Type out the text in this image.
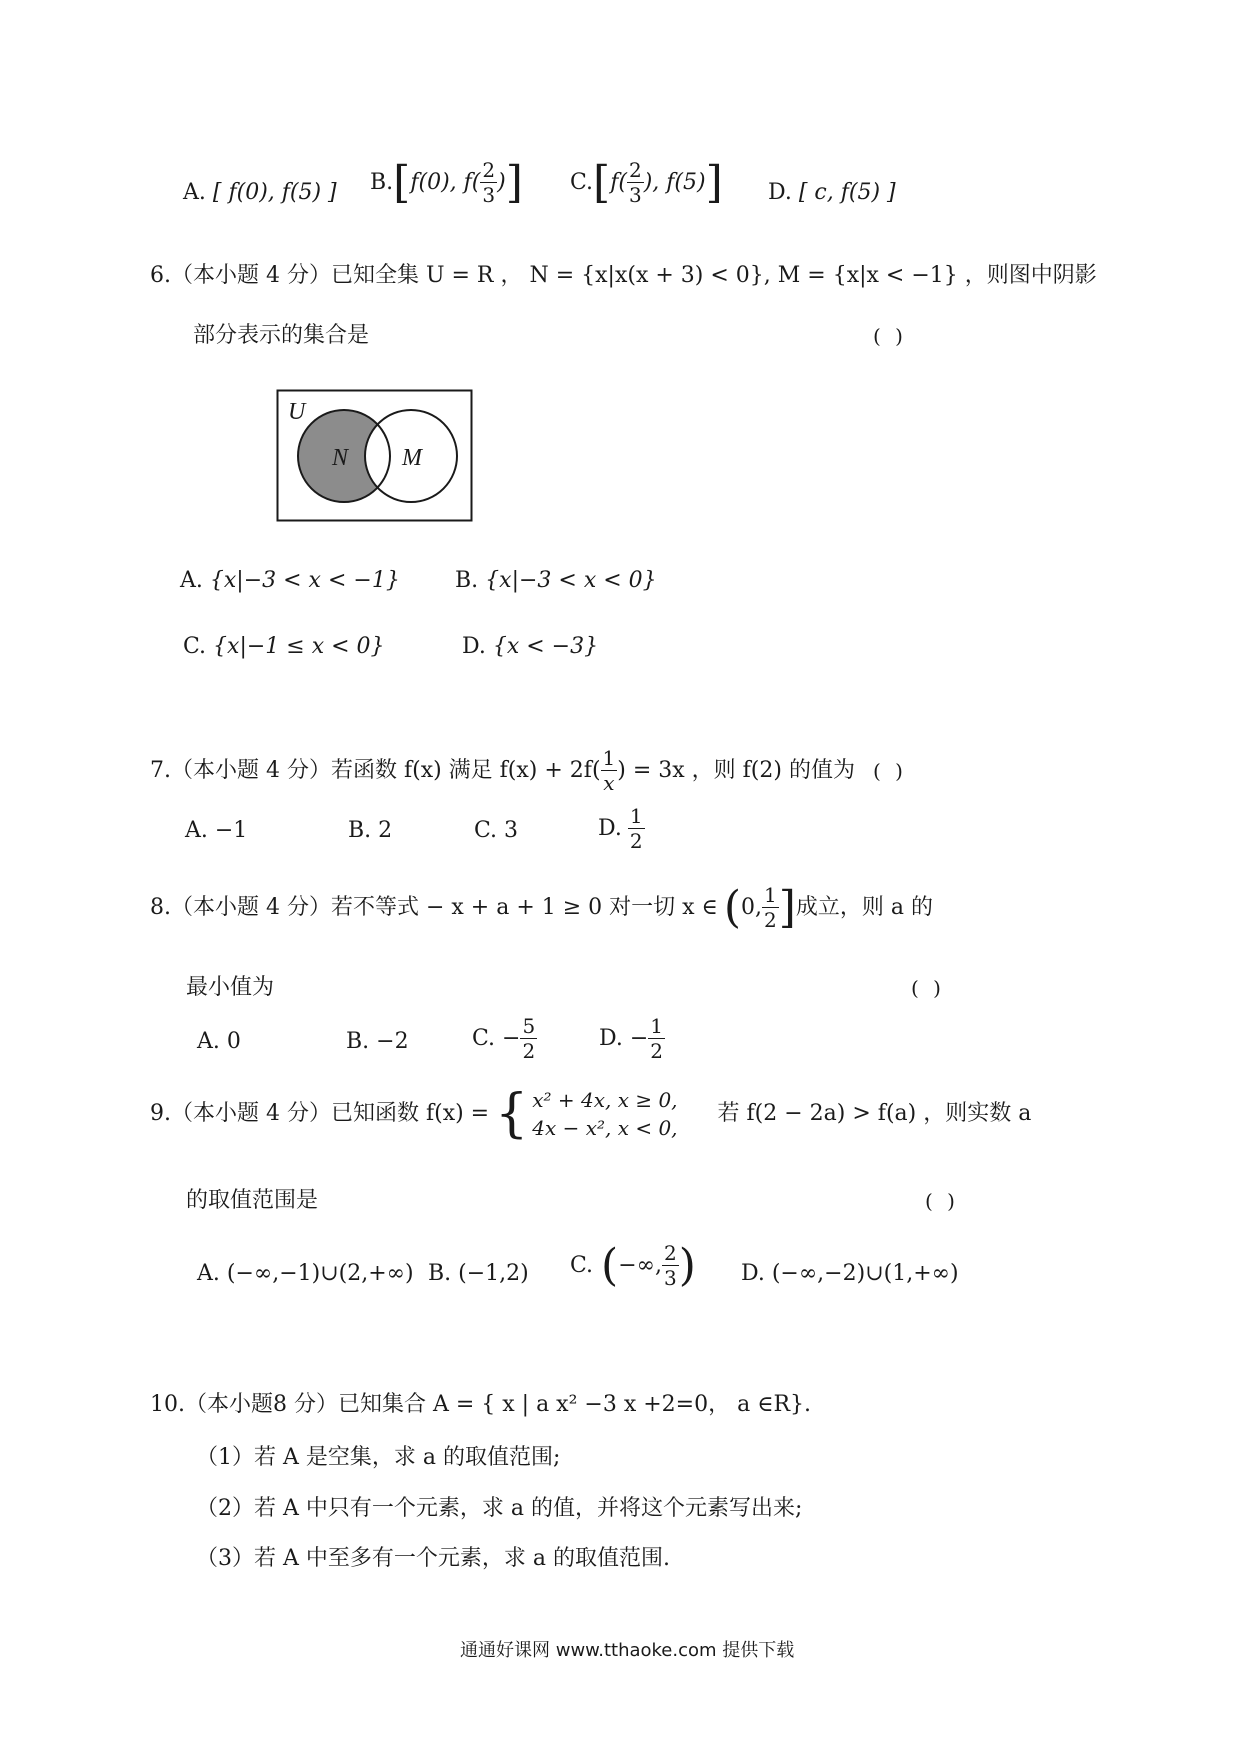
A. [ f(0), f(5) ] B. [ f(0), $f( \frac{2}{3}$ ) ] C. [ $f( \frac{2}{3}$ ), f(5) ] D. [ c, f(5) ]
6.（本小题 4 分）已知全集 U = R ， N = {x|x(x + 3) < 0}, M = {x|x < −1} ，则图中阴影
部分表示的集合是	( )
U
N M
A. {x|−3 < x < −1}	B. {x|−3 < x < 0}
C. {x|−1 ≤ x < 0}	D. {x < −3}
7.（本小题 4 分）若函数 f(x) 满足 $f(x) + 2f( \frac{1}{x}$ ) = 3x ，则 f(2) 的值为 ( )
A. −1	B. 2	C. 3	D. $\frac{1}{2}$
8.（本小题 4 分）若不等式 − x + a + 1 ≥ 0 对一切 x ∈ ( 0, $\frac{1}{2}$ ] 成立，则 a 的
最小值为	( )
A. 0	B. −2	C. − $\frac{5}{2}$	D. − $\frac{1}{2}$
9.（本小题 4 分）已知函数 f(x) = { x² + 4x, x ≥ 0,
4x − x², x < 0,
若 f(2 − 2a) > f(a) ，则实数 a
的取值范围是	( )
A. (−∞,−1)∪(2,+∞) B. (−1,2) C. ( −∞, $\frac{2}{3}$ ) D. (−∞,−2)∪(1,+∞)
10.（本小题8 分）已知集合 A = { x | a x² −3 x +2=0， a ∈R}.
（1）若 A 是空集，求 a 的取值范围;
（2）若 A 中只有一个元素，求 a 的值，并将这个元素写出来;
（3）若 A 中至多有一个元素，求 a 的取值范围.
通通好课网 www.tthaoke.com 提供下载
